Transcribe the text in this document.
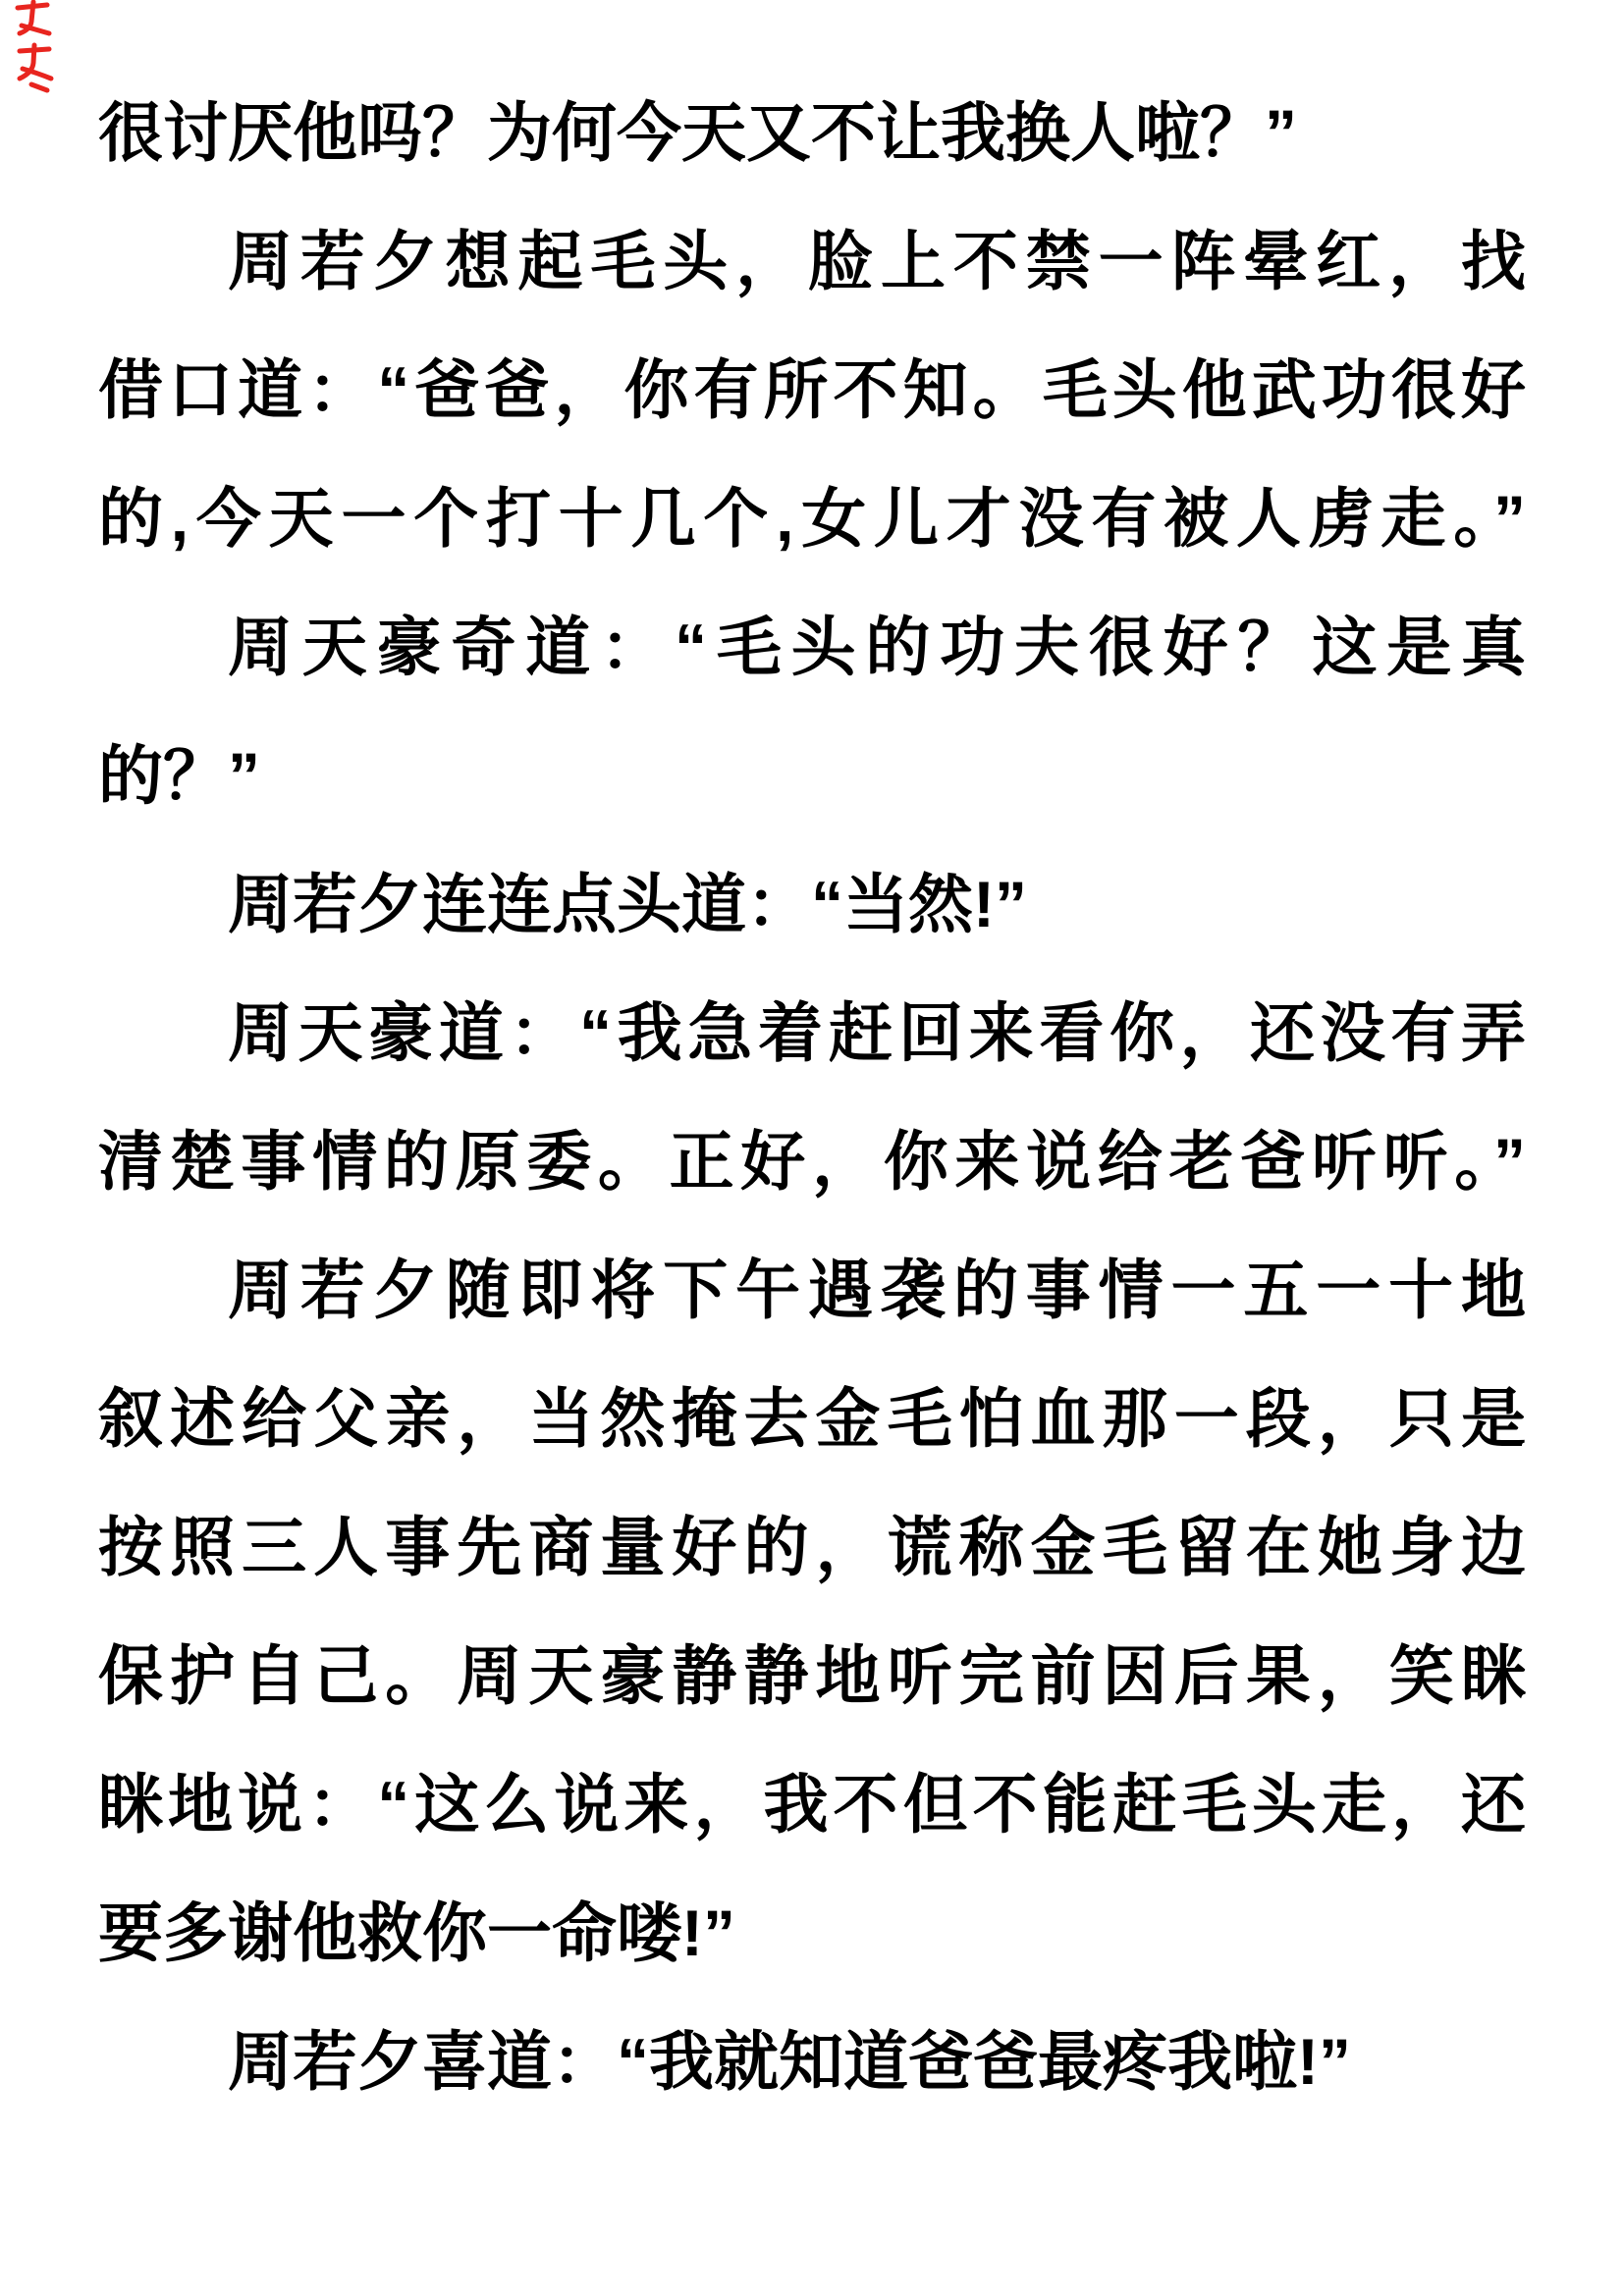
很讨厌他吗？为何今天又不让我换人啦？”
周若夕想起毛头，脸上不禁一阵晕红，找
借口道：“爸爸，你有所不知。毛头他武功很好
的,今天一个打十几个,女儿才没有被人虏走。”
周天豪奇道：“毛头的功夫很好？这是真
的？”
周若夕连连点头道：“当然!”
周天豪道：“我急着赶回来看你，还没有弄
清楚事情的原委。正好，你来说给老爸听听。”
周若夕随即将下午遇袭的事情一五一十地
叙述给父亲，当然掩去金毛怕血那一段，只是
按照三人事先商量好的，谎称金毛留在她身边
保护自己。周天豪静静地听完前因后果，笑眯
眯地说：“这么说来，我不但不能赶毛头走，还
要多谢他救你一命喽!”
周若夕喜道：“我就知道爸爸最疼我啦!”
